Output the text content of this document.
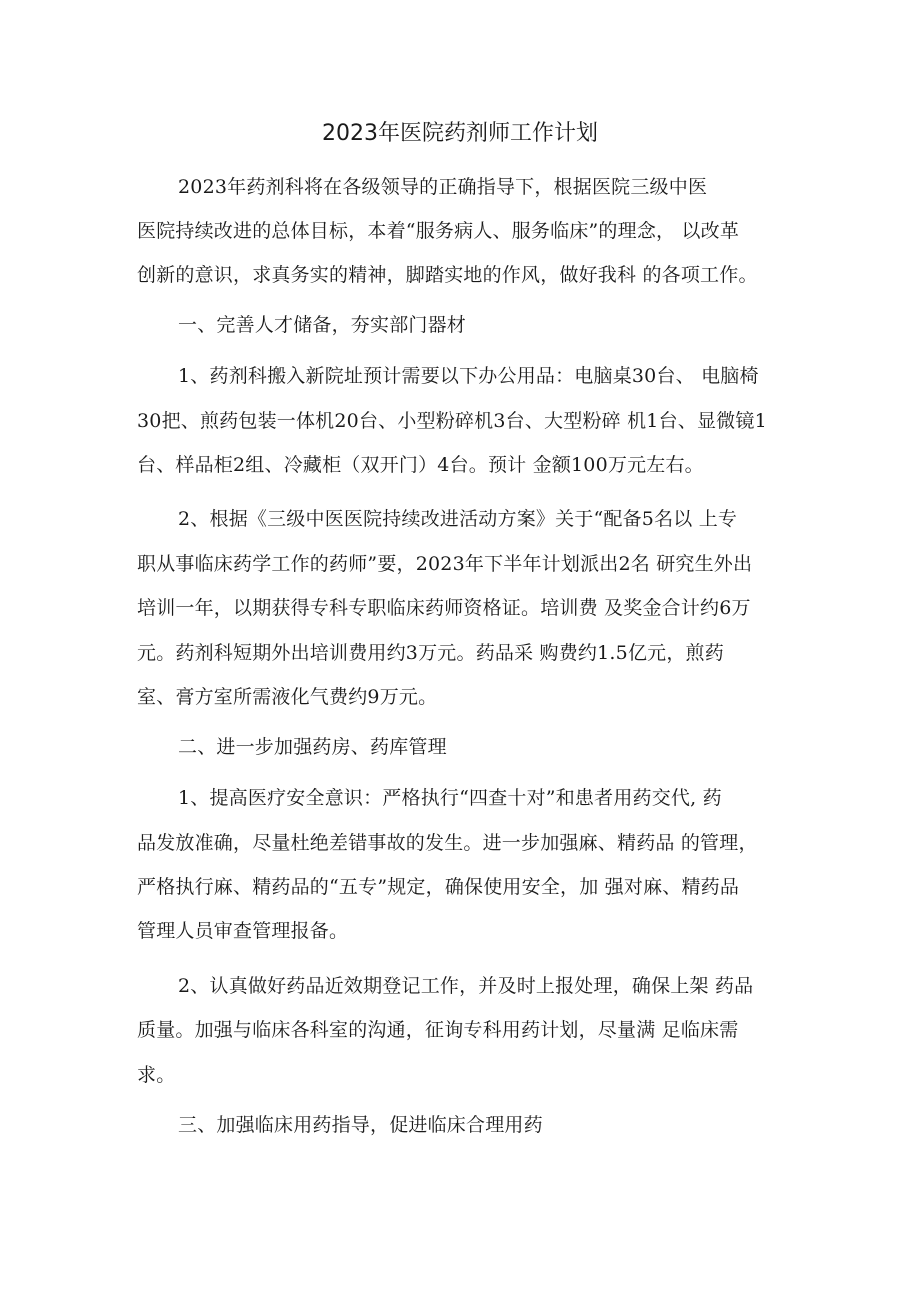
2023年医院药剂师工作计划
2023年药剂科将在各级领导的正确指导下，根据医院三级中医
医院持续改进的总体目标，本着“服务病人、服务临床”的理念， 以改革
创新的意识，求真务实的精神，脚踏实地的作风，做好我科 的各项工作。
一、完善人才储备，夯实部门器材
1、药剂科搬入新院址预计需要以下办公用品：电脑桌30台、 电脑椅
30把、煎药包装一体机20台、小型粉碎机3台、大型粉碎 机1台、显微镜1
台、样品柜2组、冷藏柜（双开门）4台。预计 金额100万元左右。
2、根据《三级中医医院持续改进活动方案》关于“配备5名以 上专
职从事临床药学工作的药师”要，2023年下半年计划派出2名 研究生外出
培训一年，以期获得专科专职临床药师资格证。培训费 及奖金合计约6万
元。药剂科短期外出培训费用约3万元。药品采 购费约1.5亿元，煎药
室、膏方室所需液化气费约9万元。
二、进一步加强药房、药库管理
1、提高医疗安全意识：严格执行“四查十对”和患者用药交代, 药
品发放准确，尽量杜绝差错事故的发生。进一步加强麻、精药品 的管理，
严格执行麻、精药品的“五专”规定，确保使用安全，加 强对麻、精药品
管理人员审查管理报备。
2、认真做好药品近效期登记工作，并及时上报处理，确保上架 药品
质量。加强与临床各科室的沟通，征询专科用药计划，尽量满 足临床需
求。
三、加强临床用药指导，促进临床合理用药
